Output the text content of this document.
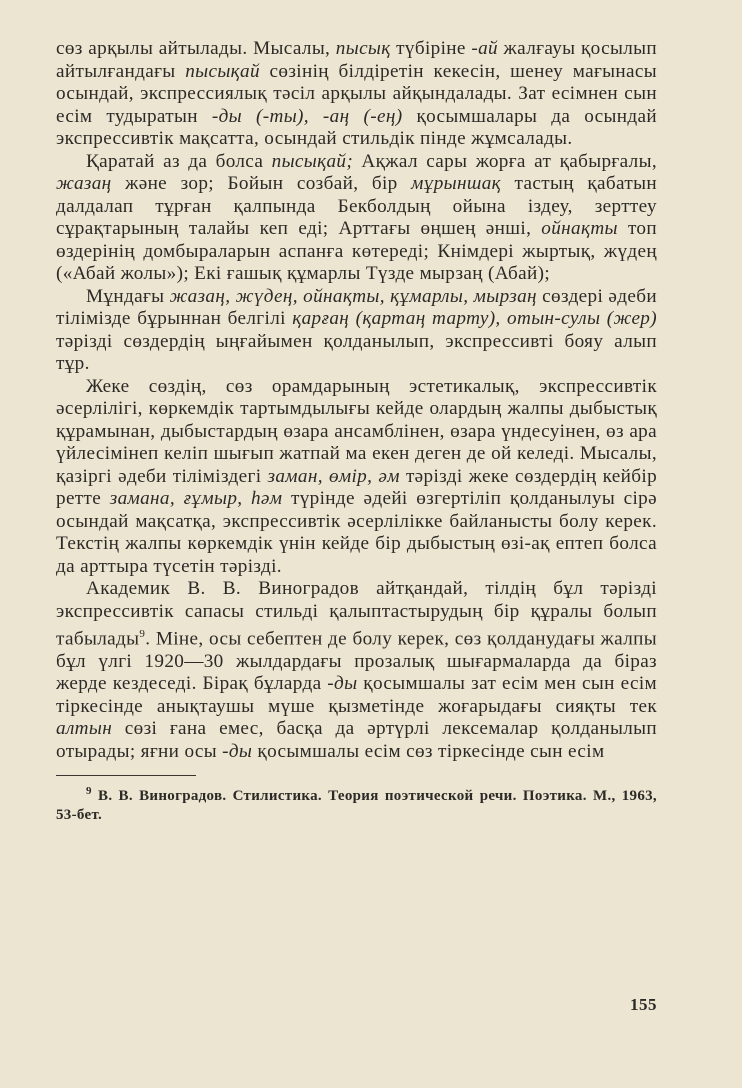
сөз арқылы айтылады. Мысалы, пысық түбіріне -ай жалғауы қосылып айтылғандағы пысықай сөзінің білдіретін кекесін, шенеу мағынасы осындай, экспрессиялық тәсіл арқылы айқындалады. Зат есімнен сын есім тудыратын -ды (-ты), -аң (-ең) қосымшалары да осындай экспрессивтік мақсатта, осындай стильдік пінде жұмсалады.

Қаратай аз да болса пысықай; Ақжал сары жорға ат қабырғалы, жазаң және зор; Бойын созбай, бір мұрыншақ тастың қабатын далдалап тұрған қалпында Бекболдың ойына іздеу, зерттеу сұрақтарының талайы кеп еді; Арттағы өңшең әнші, ойнақты топ өздерінің домбыраларын аспанға көтереді; Кнімдері жыртық, жүдең («Абай жолы»); Екі ғашық құмарлы Түзде мырзаң (Абай);

Мұндағы жазаң, жүдең, ойнақты, құмарлы, мырзаң сөздері әдеби тілімізде бұрыннан белгілі қарғаң (қартаң тарту), отын-сулы (жер) тәрізді сөздердің ыңғайымен қолданылып, экспрессивті бояу алып тұр.

Жеке сөздің, сөз орамдарының эстетикалық, экспрессивтік әсерлілігі, көркемдік тартымдылығы кейде олардың жалпы дыбыстық құрамынан, дыбыстардың өзара ансамблінен, өзара үндесуінен, өз ара үйлесімінеп келіп шығып жатпай ма екен деген де ой келеді. Мысалы, қазіргі әдеби тіліміздегі заман, өмір, әм тәрізді жеке сөздердің кейбір ретте замана, ғұмыр, һәм түрінде әдейі өзгертіліп қолданылуы сірә осындай мақсатқа, экспрессивтік әсерлілікке байланысты болу керек. Текстің жалпы көркемдік үнін кейде бір дыбыстың өзі-ақ ептеп болса да арттыра түсетін тәрізді.

Академик В. В. Виноградов айтқандай, тілдің бұл тәрізді экспрессивтік сапасы стильді қалыптастырудың бір құралы болып табылады$^9$. Міне, осы себептен де болу керек, сөз қолданудағы жалпы бұл үлгі 1920—30 жылдардағы прозалық шығармаларда да біраз жерде кездеседі. Бірақ бұларда -ды қосымшалы зат есім мен сын есім тіркесінде анықтаушы мүше қызметінде жоғарыдағы сияқты тек алтын сөзі ғана емес, басқа да әртүрлі лексемалар қолданылып отырады; яғни осы -ды қосымшалы есім сөз тіркесінде сын есім

$^9$ В. В. Виноградов. Стилистика. Теория поэтической речи. Поэтика. М., 1963, 53-бет.

155
